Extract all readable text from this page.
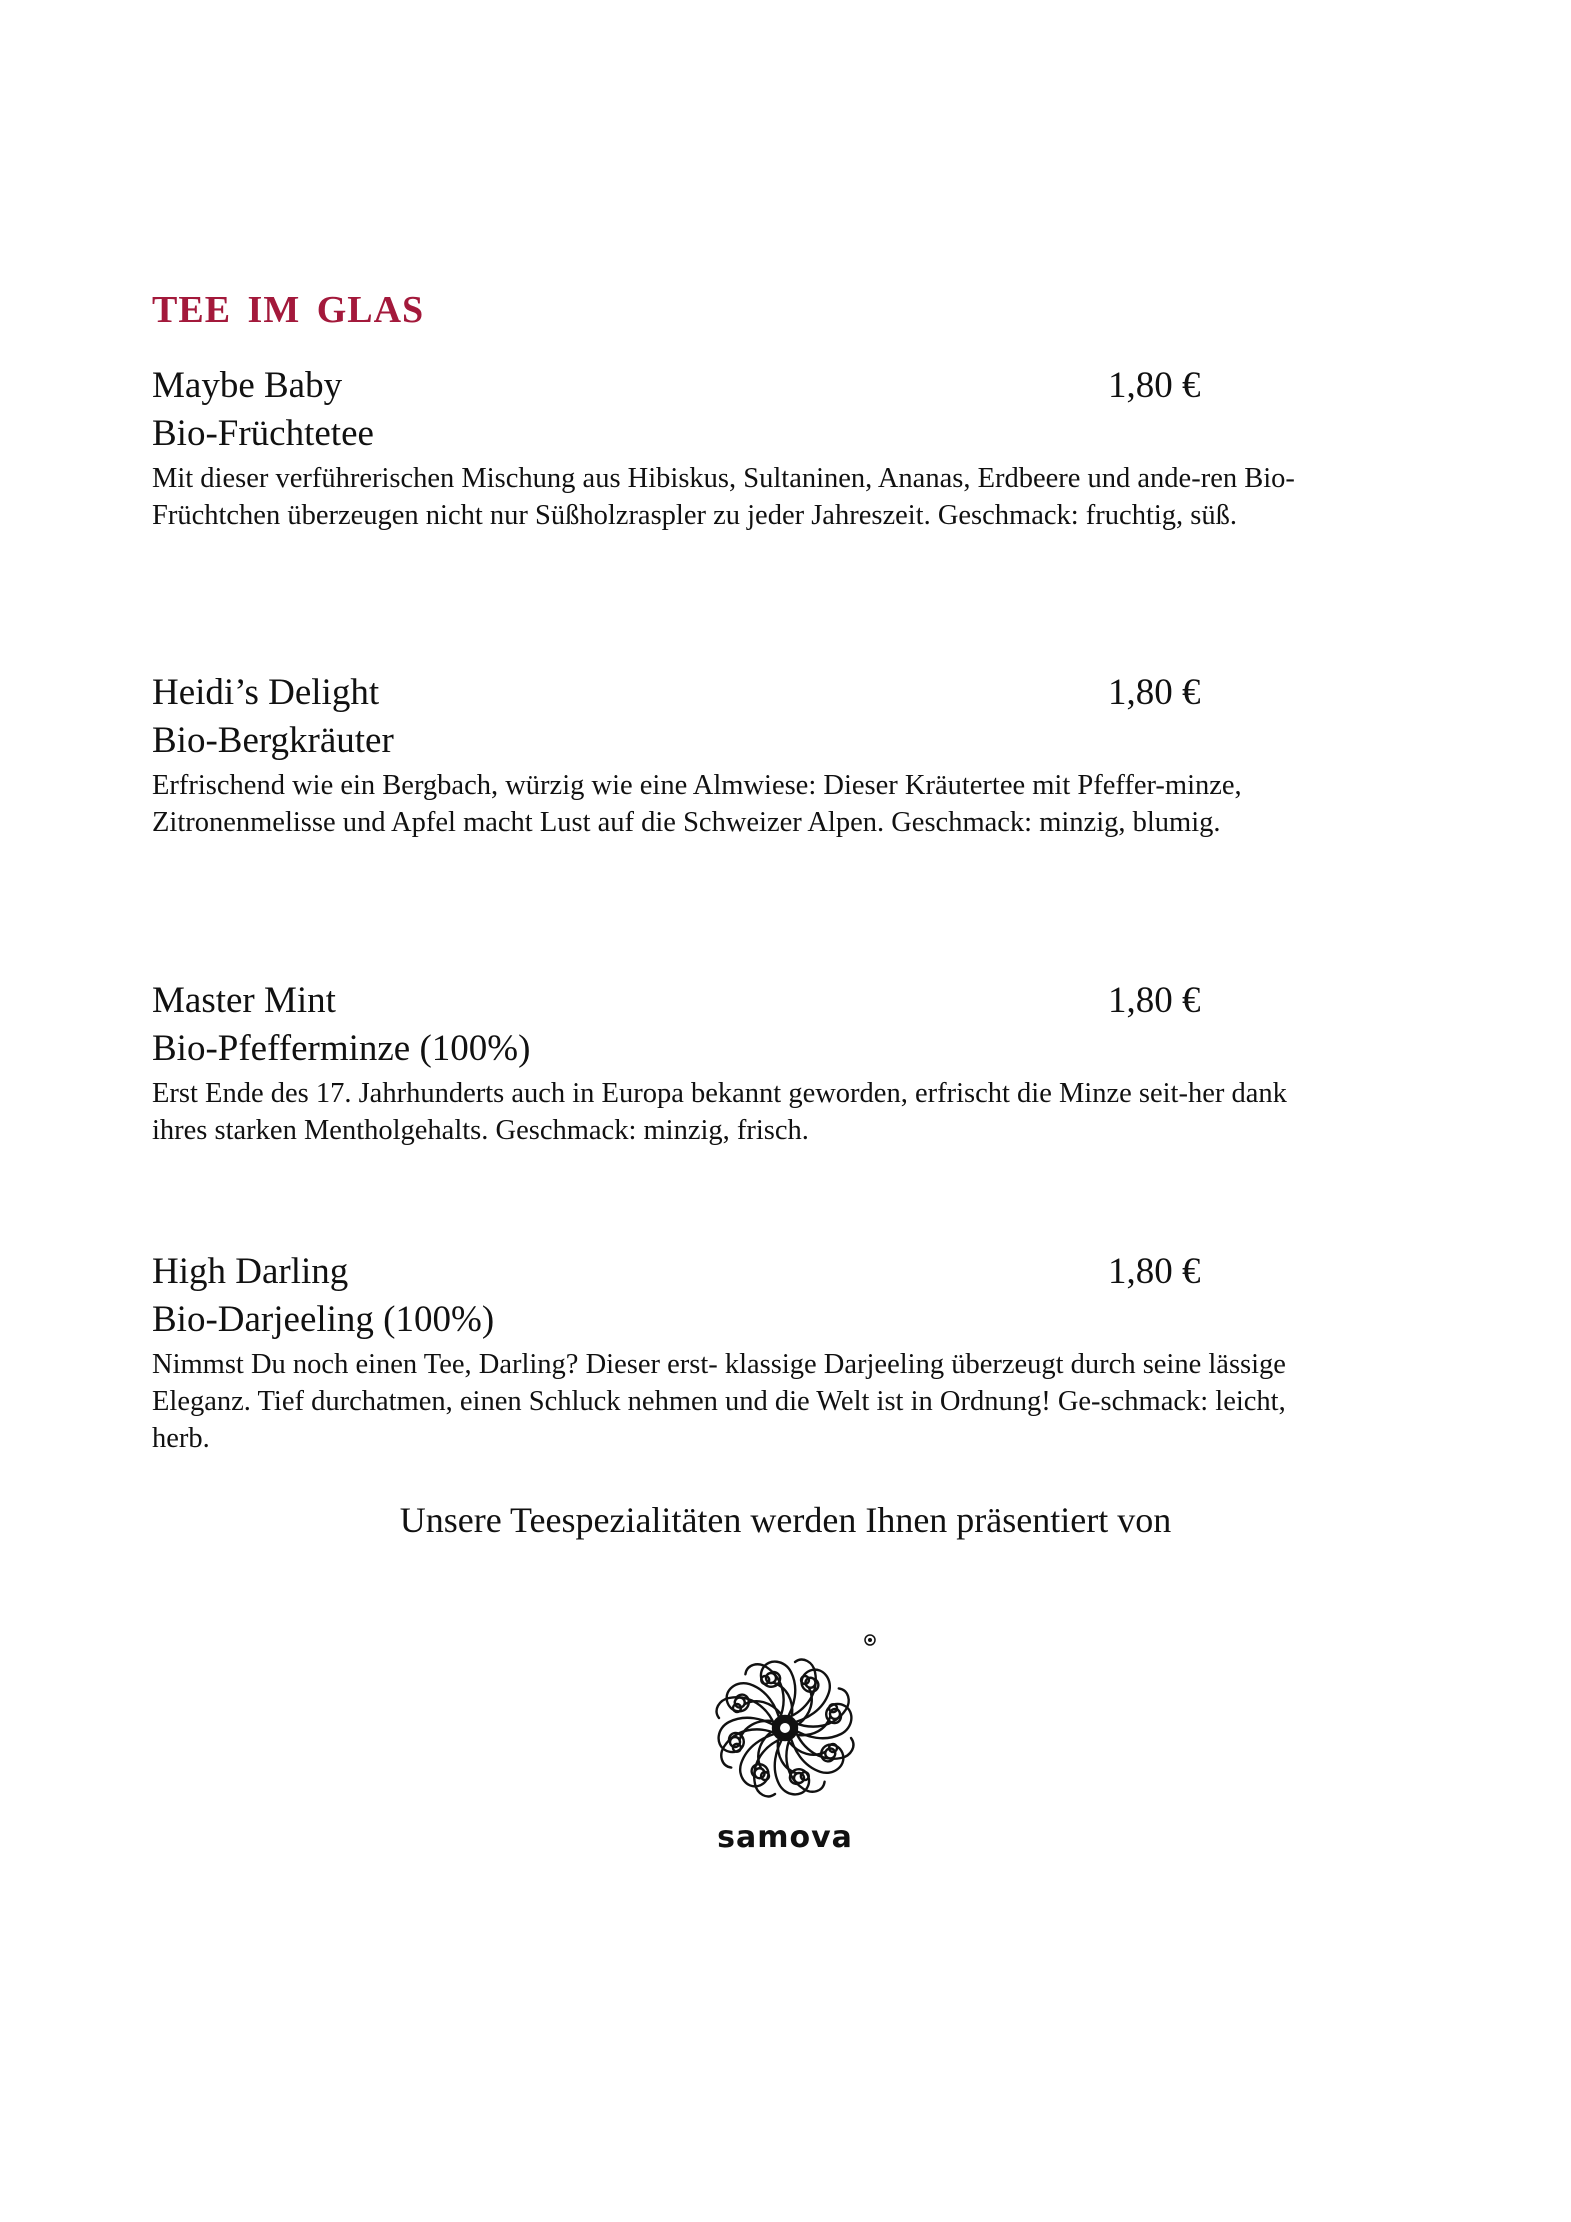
TEE IM GLAS
Maybe Baby	1,80 €

Bio-Früchtetee

Mit dieser verführerischen Mischung aus Hibiskus, Sultaninen, Ananas, Erdbeere und ande-ren Bio-Früchtchen überzeugen nicht nur Süßholzraspler zu jeder Jahreszeit. Geschmack: fruchtig, süß.

Heidi’s Delight	1,80 €

Bio-Bergkräuter

Erfrischend wie ein Bergbach, würzig wie eine Almwiese: Dieser Kräutertee mit Pfeffer-minze, Zitronenmelisse und Apfel macht Lust auf die Schweizer Alpen. Geschmack: minzig, blumig.

Master Mint	1,80 €

Bio-Pfefferminze (100%)

Erst Ende des 17. Jahrhunderts auch in Europa bekannt geworden, erfrischt die Minze seit-her dank ihres starken Mentholgehalts. Geschmack: minzig, frisch.

High Darling	1,80 €

Bio-Darjeeling (100%)

Nimmst Du noch einen Tee, Darling? Dieser erst- klassige Darjeeling überzeugt durch seine lässige Eleganz. Tief durchatmen, einen Schluck nehmen und die Welt ist in Ordnung! Ge-schmack: leicht, herb.

Unsere Teespezialitäten werden Ihnen präsentiert von
samova
